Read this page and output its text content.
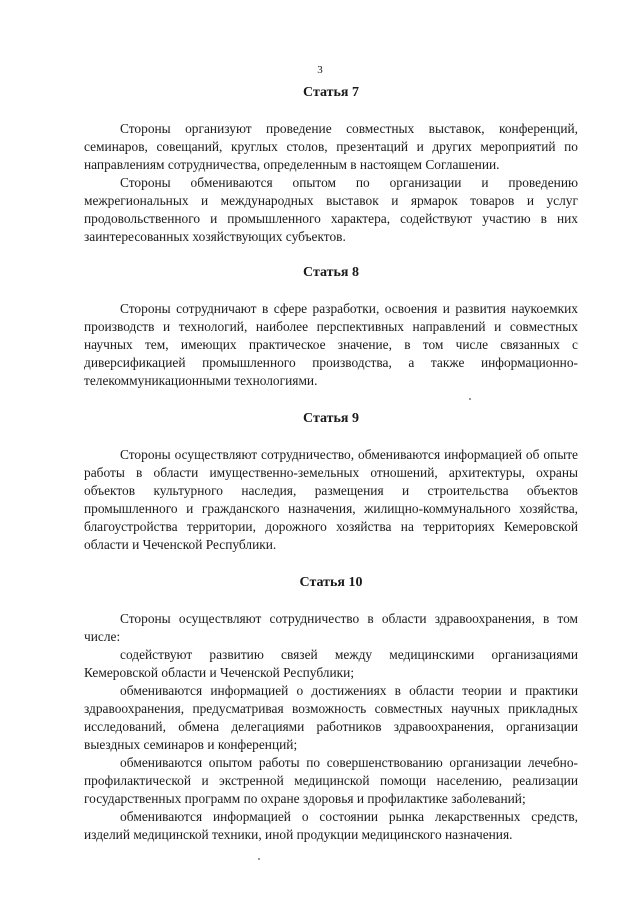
3
Статья 7

Стороны организуют проведение совместных выставок, конференций, семинаров, совещаний, круглых столов, презентаций и других мероприятий по направлениям сотрудничества, определенным в настоящем Соглашении.

Стороны обмениваются опытом по организации и проведению межрегиональных и международных выставок и ярмарок товаров и услуг продовольственного и промышленного характера, содействуют участию в них заинтересованных хозяйствующих субъектов.

Статья 8

Стороны сотрудничают в сфере разработки, освоения и развития наукоемких производств и технологий, наиболее перспективных направлений и совместных научных тем, имеющих практическое значение, в том числе связанных с диверсификацией промышленного производства, а также информационно-телекоммуникационными технологиями.

Статья 9

Стороны осуществляют сотрудничество, обмениваются информацией об опыте работы в области имущественно-земельных отношений, архитектуры, охраны объектов культурного наследия, размещения и строительства объектов промышленного и гражданского назначения, жилищно-коммунального хозяйства, благоустройства территории, дорожного хозяйства на территориях Кемеровской области и Чеченской Республики.

Статья 10

Стороны осуществляют сотрудничество в области здравоохранения, в том числе:

содействуют развитию связей между медицинскими организациями Кемеровской области и Чеченской Республики;

обмениваются информацией о достижениях в области теории и практики здравоохранения, предусматривая возможность совместных научных прикладных исследований, обмена делегациями работников здравоохранения, организации выездных семинаров и конференций;

обмениваются опытом работы по совершенствованию организации лечебно-профилактической и экстренной медицинской помощи населению, реализации государственных программ по охране здоровья и профилактике заболеваний;

обмениваются информацией о состоянии рынка лекарственных средств, изделий медицинской техники, иной продукции медицинского назначения.
